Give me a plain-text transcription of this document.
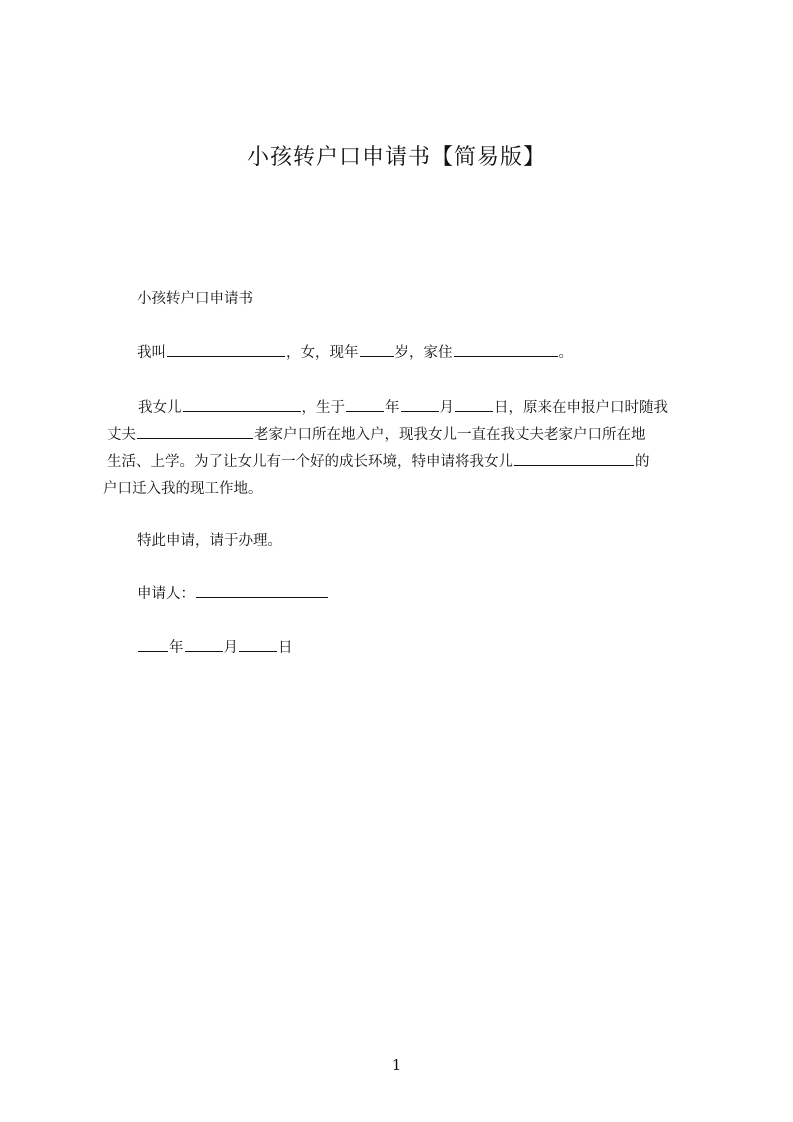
小孩转户口申请书【简易版】
小孩转户口申请书
我叫	，女，现年 岁，家住	。
我女儿	，生于	年	月	日，原来在申报户口时随我
丈夫	老家户口所在地入户，现我女儿一直在我丈夫老家户口所在地
生活、上学。为了让女儿有一个好的成长环境，特申请将我女儿	的
户口迁入我的现工作地。
特此申请，请于办理。
申请人：
年	月	日
1
